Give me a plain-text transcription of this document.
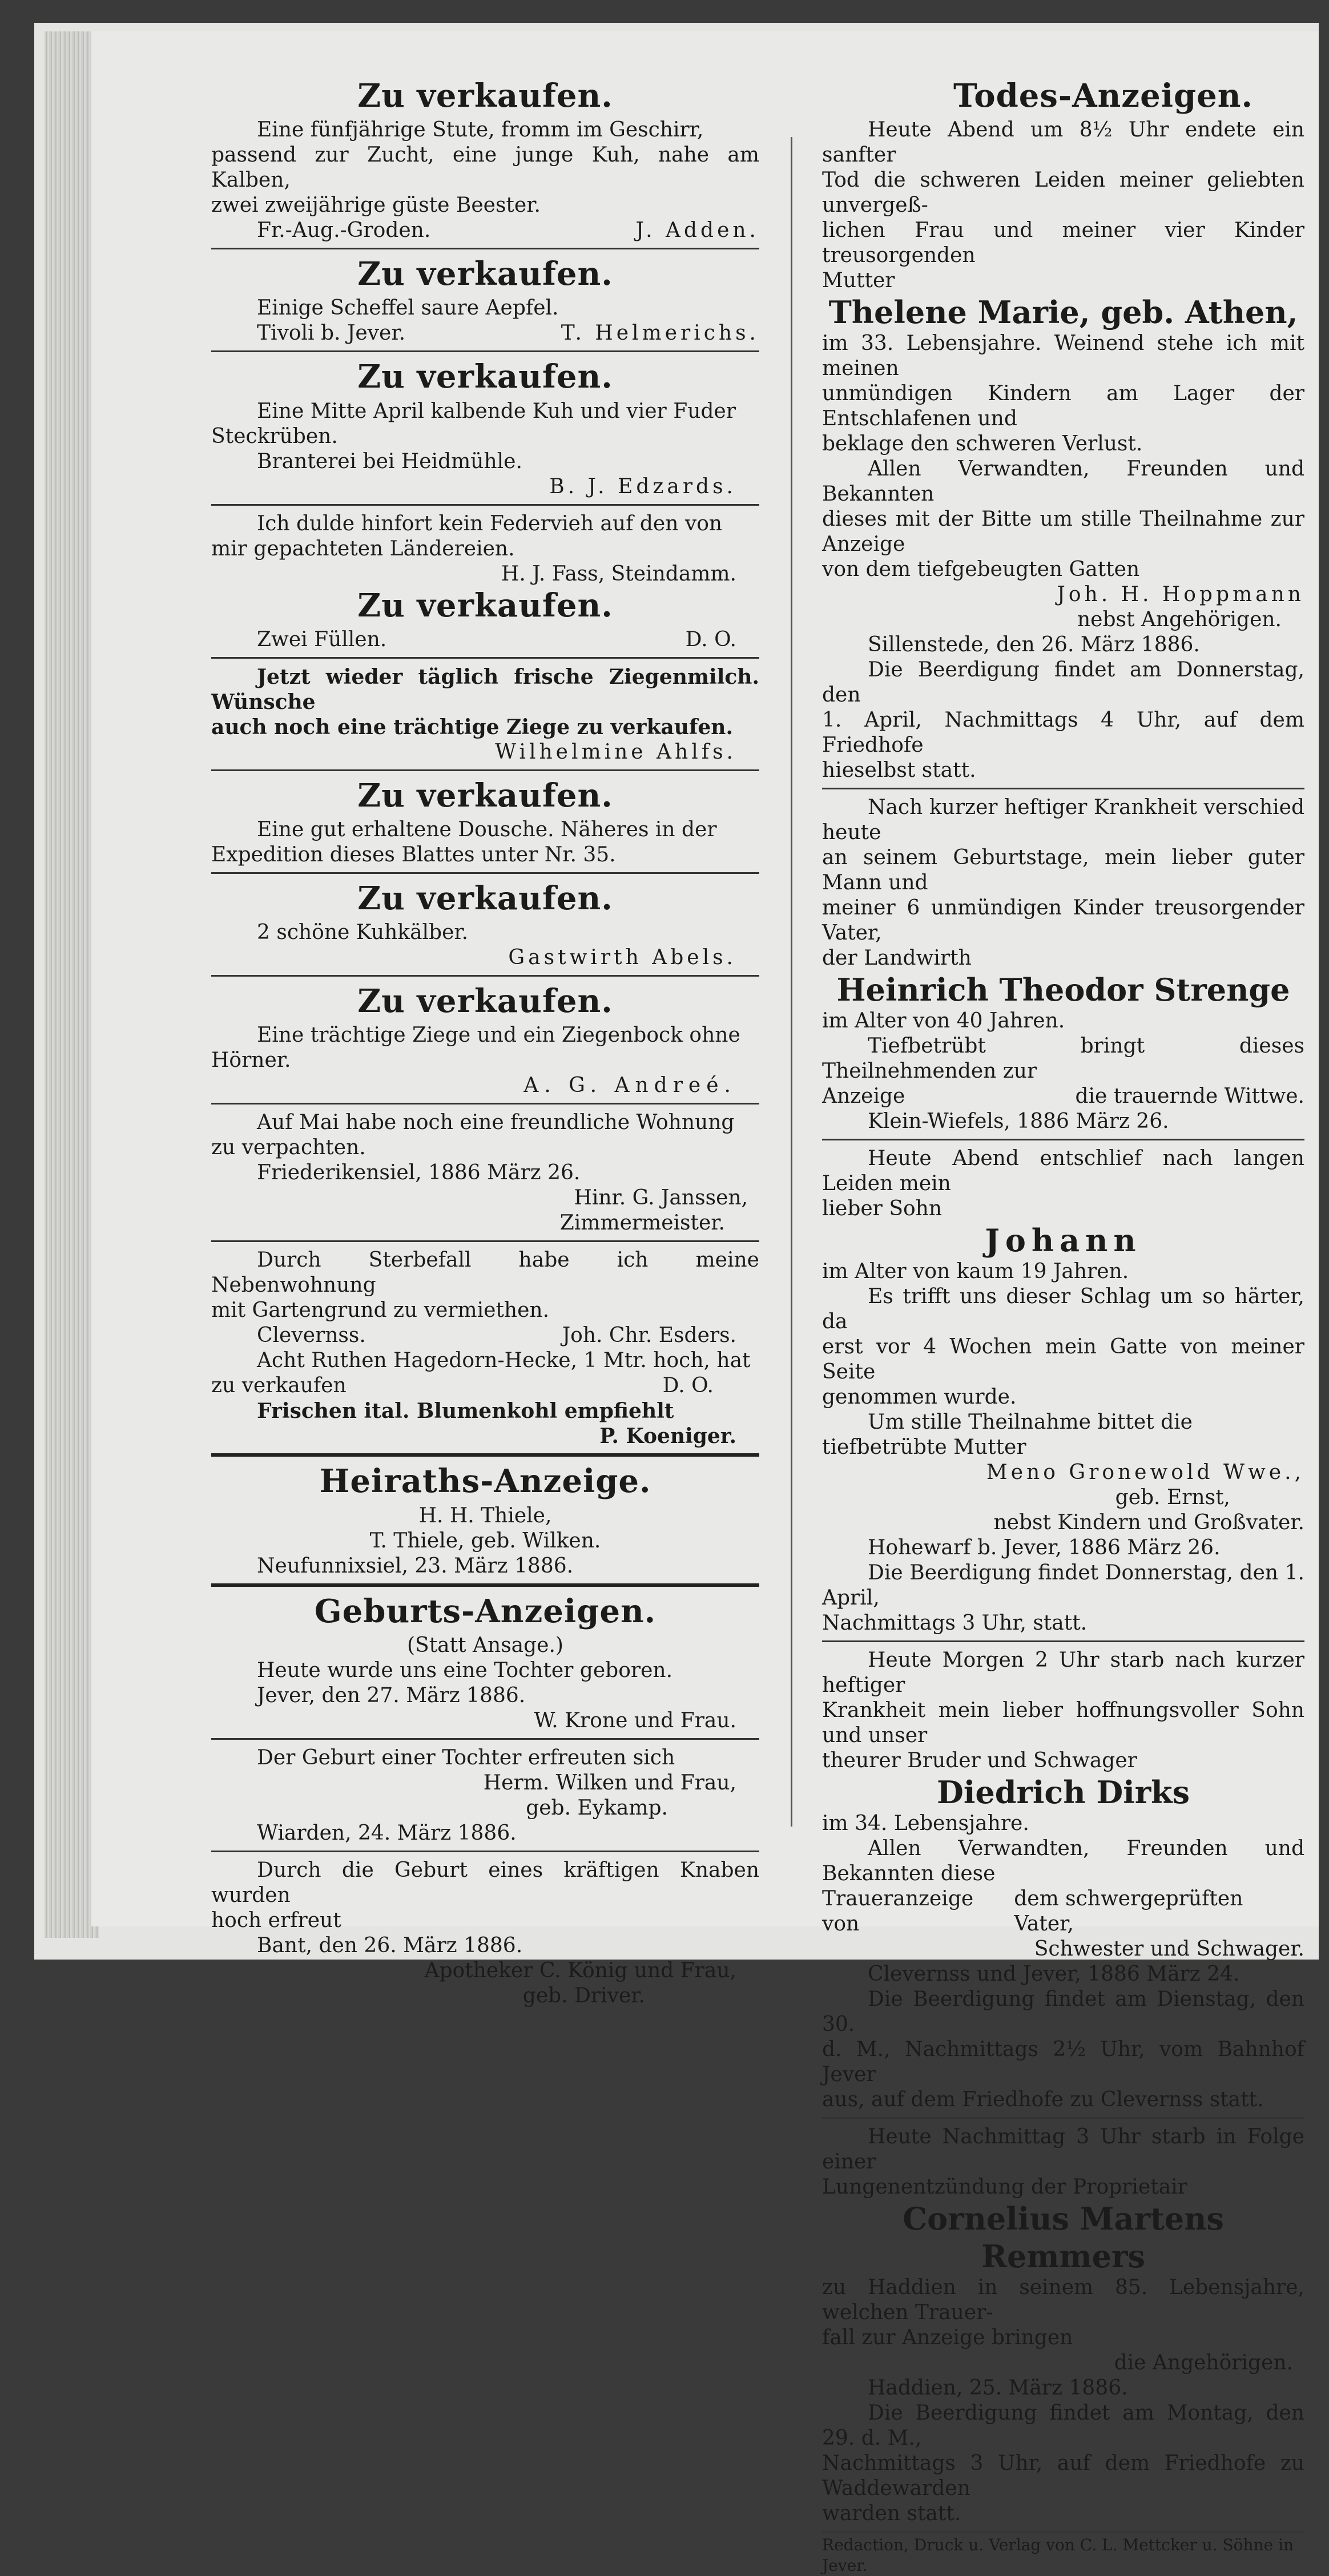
Zu verkaufen.

Eine fünfjährige Stute, fromm im Geschirr,

passend zur Zucht, eine junge Kuh, nahe am Kalben,

zwei zweijährige güste Beester.

Fr.-Aug.-Groden.	J. Adden.
Zu verkaufen.

Einige Scheffel saure Aepfel.

Tivoli b. Jever.	T. Helmerichs.
Zu verkaufen.

Eine Mitte April kalbende Kuh und vier Fuder

Steckrüben.

Branterei bei Heidmühle.

B. J. Edzards.

Ich dulde hinfort kein Federvieh auf den von

mir gepachteten Ländereien.

H. J. Fass, Steindamm.

Zu verkaufen.
Zwei Füllen.	D. O.

Jetzt wieder täglich frische Ziegenmilch. Wünsche

auch noch eine trächtige Ziege zu verkaufen.

Wilhelmine Ahlfs.

Zu verkaufen.

Eine gut erhaltene Dousche. Näheres in der

Expedition dieses Blattes unter Nr. 35.

Zu verkaufen.

2 schöne Kuhkälber.

Gastwirth Abels.

Zu verkaufen.

Eine trächtige Ziege und ein Ziegenbock ohne

Hörner.

A. G. Andreé.

Auf Mai habe noch eine freundliche Wohnung

zu verpachten.

Friederikensiel, 1886 März 26.

Hinr. G. Janssen,

Zimmermeister.

Durch Sterbefall habe ich meine Nebenwohnung

mit Gartengrund zu vermiethen.

Clevernss.	Joh. Chr. Esders.

Acht Ruthen Hagedorn-Hecke, 1 Mtr. hoch, hat

zu verkaufen	D. O.

Frischen ital. Blumenkohl empfiehlt

P. Koeniger.

Heiraths-Anzeige.

H. H. Thiele,

T. Thiele, geb. Wilken.

Neufunnixsiel, 23. März 1886.

Geburts-Anzeigen.

(Statt Ansage.)

Heute wurde uns eine Tochter geboren.

Jever, den 27. März 1886.

W. Krone und Frau.

Der Geburt einer Tochter erfreuten sich

Herm. Wilken und Frau,

geb. Eykamp.

Wiarden, 24. März 1886.

Durch die Geburt eines kräftigen Knaben wurden

hoch erfreut

Bant, den 26. März 1886.

Apotheker C. König und Frau,

geb. Driver.

Todes-Anzeigen.

Heute Abend um 8½ Uhr endete ein sanfter

Tod die schweren Leiden meiner geliebten unvergeß-

lichen Frau und meiner vier Kinder treusorgenden

Mutter

Thelene Marie, geb. Athen,

im 33. Lebensjahre. Weinend stehe ich mit meinen

unmündigen Kindern am Lager der Entschlafenen und

beklage den schweren Verlust.

Allen Verwandten, Freunden und Bekannten

dieses mit der Bitte um stille Theilnahme zur Anzeige

von dem tiefgebeugten Gatten

Joh. H. Hoppmann

nebst Angehörigen.

Sillenstede, den 26. März 1886.

Die Beerdigung findet am Donnerstag, den

1. April, Nachmittags 4 Uhr, auf dem Friedhofe

hieselbst statt.

Nach kurzer heftiger Krankheit verschied heute

an seinem Geburtstage, mein lieber guter Mann und

meiner 6 unmündigen Kinder treusorgender Vater,

der Landwirth

Heinrich Theodor Strenge

im Alter von 40 Jahren.

Tiefbetrübt bringt dieses Theilnehmenden zur

Anzeige	die trauernde Wittwe.

Klein-Wiefels, 1886 März 26.

Heute Abend entschlief nach langen Leiden mein

lieber Sohn

Johann

im Alter von kaum 19 Jahren.

Es trifft uns dieser Schlag um so härter, da

erst vor 4 Wochen mein Gatte von meiner Seite

genommen wurde.

Um stille Theilnahme bittet die tiefbetrübte Mutter

Meno Gronewold Wwe.,

geb. Ernst,

nebst Kindern und Großvater.

Hohewarf b. Jever, 1886 März 26.

Die Beerdigung findet Donnerstag, den 1. April,

Nachmittags 3 Uhr, statt.

Heute Morgen 2 Uhr starb nach kurzer heftiger

Krankheit mein lieber hoffnungsvoller Sohn und unser

theurer Bruder und Schwager

Diedrich Dirks

im 34. Lebensjahre.

Allen Verwandten, Freunden und Bekannten diese

Traueranzeige von
dem schwergeprüften Vater,

Schwester und Schwager.

Clevernss und Jever, 1886 März 24.

Die Beerdigung findet am Dienstag, den 30.

d. M., Nachmittags 2½ Uhr, vom Bahnhof Jever

aus, auf dem Friedhofe zu Clevernss statt.

Heute Nachmittag 3 Uhr starb in Folge einer

Lungenentzündung der Proprietair

Cornelius Martens Remmers

zu Haddien in seinem 85. Lebensjahre, welchen Trauer-

fall zur Anzeige bringen

die Angehörigen.

Haddien, 25. März 1886.

Die Beerdigung findet am Montag, den 29. d. M.,

Nachmittags 3 Uhr, auf dem Friedhofe zu Waddewarden

warden statt.

Redaction, Druck u. Verlag von C. L. Mettcker u. Söhne in Jever.
